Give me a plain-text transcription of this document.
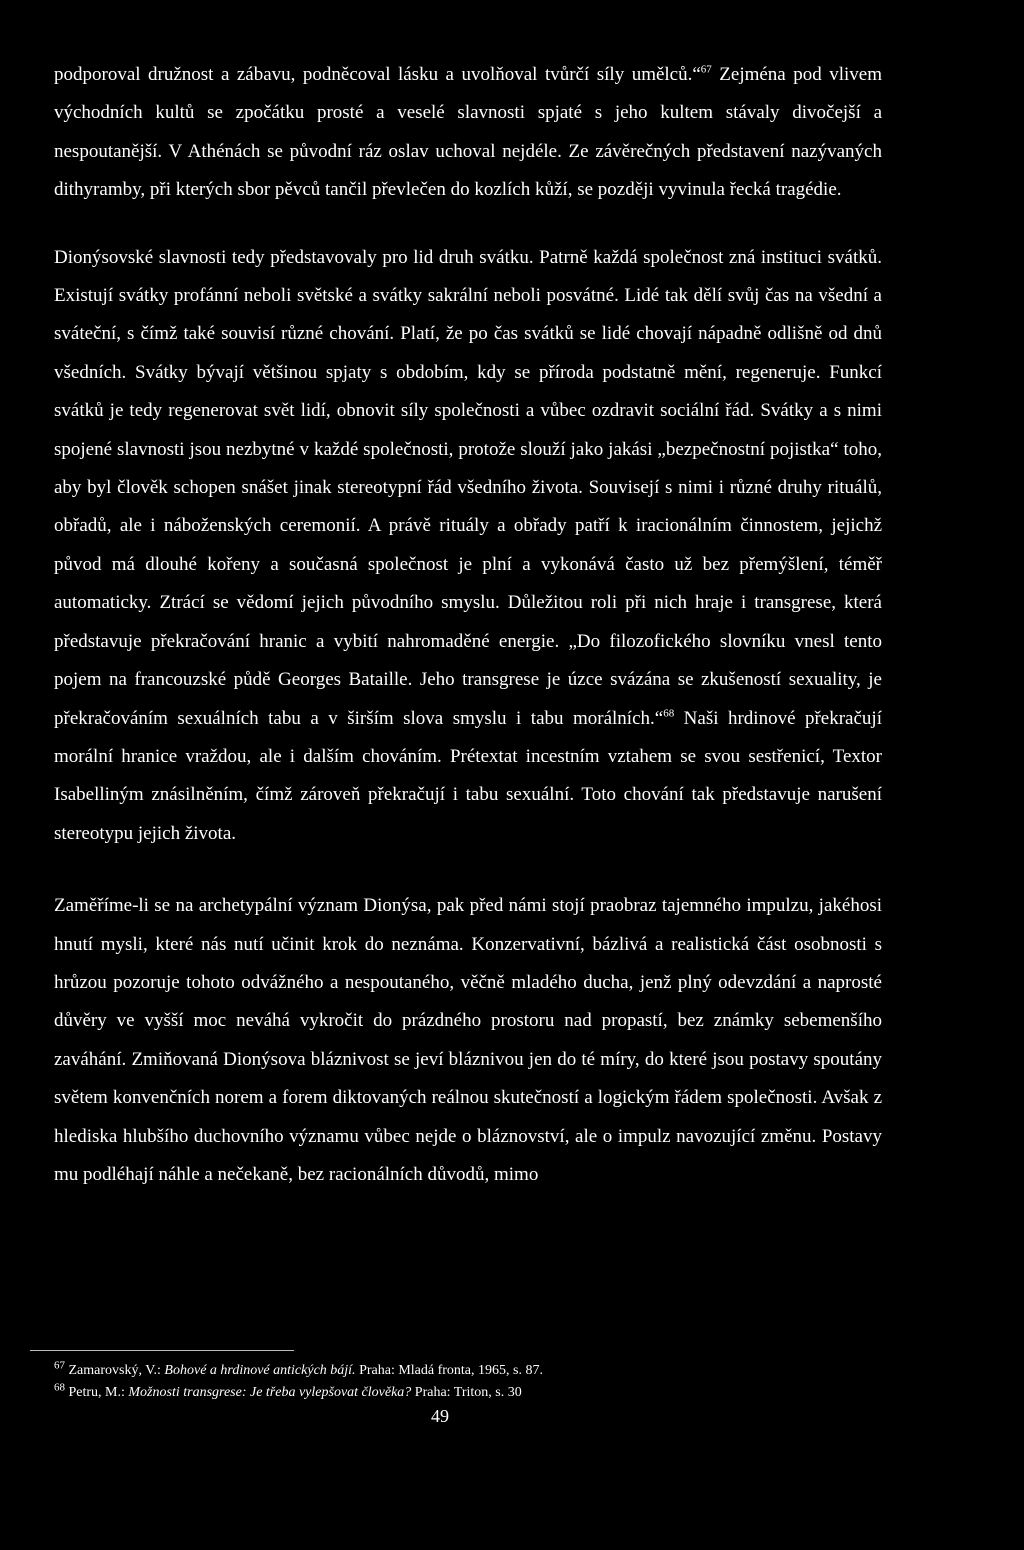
podporoval družnost a zábavu, podněcoval lásku a uvolňoval tvůrčí síly umělců.“$^{67}$ Zejména pod vlivem východních kultů se zpočátku prosté a veselé slavnosti spjaté s jeho kultem stávaly divočejší a nespoutanější. V Athénách se původní ráz oslav uchoval nejdéle. Ze závěrečných představení nazývaných dithyramby, při kterých sbor pěvců tančil převlečen do kozlích kůží, se později vyvinula řecká tragédie.

Dionýsovské slavnosti tedy představovaly pro lid druh svátku. Patrně každá společnost zná instituci svátků. Existují svátky profánní neboli světské a svátky sakrální neboli posvátné. Lidé tak dělí svůj čas na všední a sváteční, s čímž také souvisí různé chování. Platí, že po čas svátků se lidé chovají nápadně odlišně od dnů všedních. Svátky bývají většinou spjaty s obdobím, kdy se příroda podstatně mění, regeneruje. Funkcí svátků je tedy regenerovat svět lidí, obnovit síly společnosti a vůbec ozdravit sociální řád. Svátky a s nimi spojené slavnosti jsou nezbytné v každé společnosti, protože slouží jako jakási „bezpečnostní pojistka“ toho, aby byl člověk schopen snášet jinak stereotypní řád všedního života. Souvisejí s nimi i různé druhy rituálů, obřadů, ale i náboženských ceremonií. A právě rituály a obřady patří k iracionálním činnostem, jejichž původ má dlouhé kořeny a současná společnost je plní a vykonává často už bez přemýšlení, téměř automaticky. Ztrácí se vědomí jejich původního smyslu. Důležitou roli při nich hraje i transgrese, která představuje překračování hranic a vybití nahromaděné energie. „Do filozofického slovníku vnesl tento pojem na francouzské půdě Georges Bataille. Jeho transgrese je úzce svázána se zkušeností sexuality, je překračováním sexuálních tabu a v širším slova smyslu i tabu morálních.“$^{68}$ Naši hrdinové překračují morální hranice vraždou, ale i dalším chováním. Prétextat incestním vztahem se svou sestřenicí, Textor Isabelliným znásilněním, čímž zároveň překračují i tabu sexuální. Toto chování tak představuje narušení stereotypu jejich života.

Zaměříme-li se na archetypální význam Dionýsa, pak před námi stojí praobraz tajemného impulzu, jakéhosi hnutí mysli, které nás nutí učinit krok do neznáma. Konzervativní, bázlivá a realistická část osobnosti s hrůzou pozoruje tohoto odvážného a nespoutaného, věčně mladého ducha, jenž plný odevzdání a naprosté důvěry ve vyšší moc neváhá vykročit do prázdného prostoru nad propastí, bez známky sebemenšího zaváhání. Zmiňovaná Dionýsova bláznivost se jeví bláznivou jen do té míry, do které jsou postavy spoutány světem konvenčních norem a forem diktovaných reálnou skutečností a logickým řádem společnosti. Avšak z hlediska hlubšího duchovního významu vůbec nejde o bláznovství, ale o impulz navozující změnu. Postavy mu podléhají náhle a nečekaně, bez racionálních důvodů, mimo

$^{67}$ Zamarovský, V.: Bohové a hrdinové antických bájí. Praha: Mladá fronta, 1965, s. 87.

$^{68}$ Petru, M.: Možnosti transgrese: Je třeba vylepšovat člověka? Praha: Triton, s. 30

49
